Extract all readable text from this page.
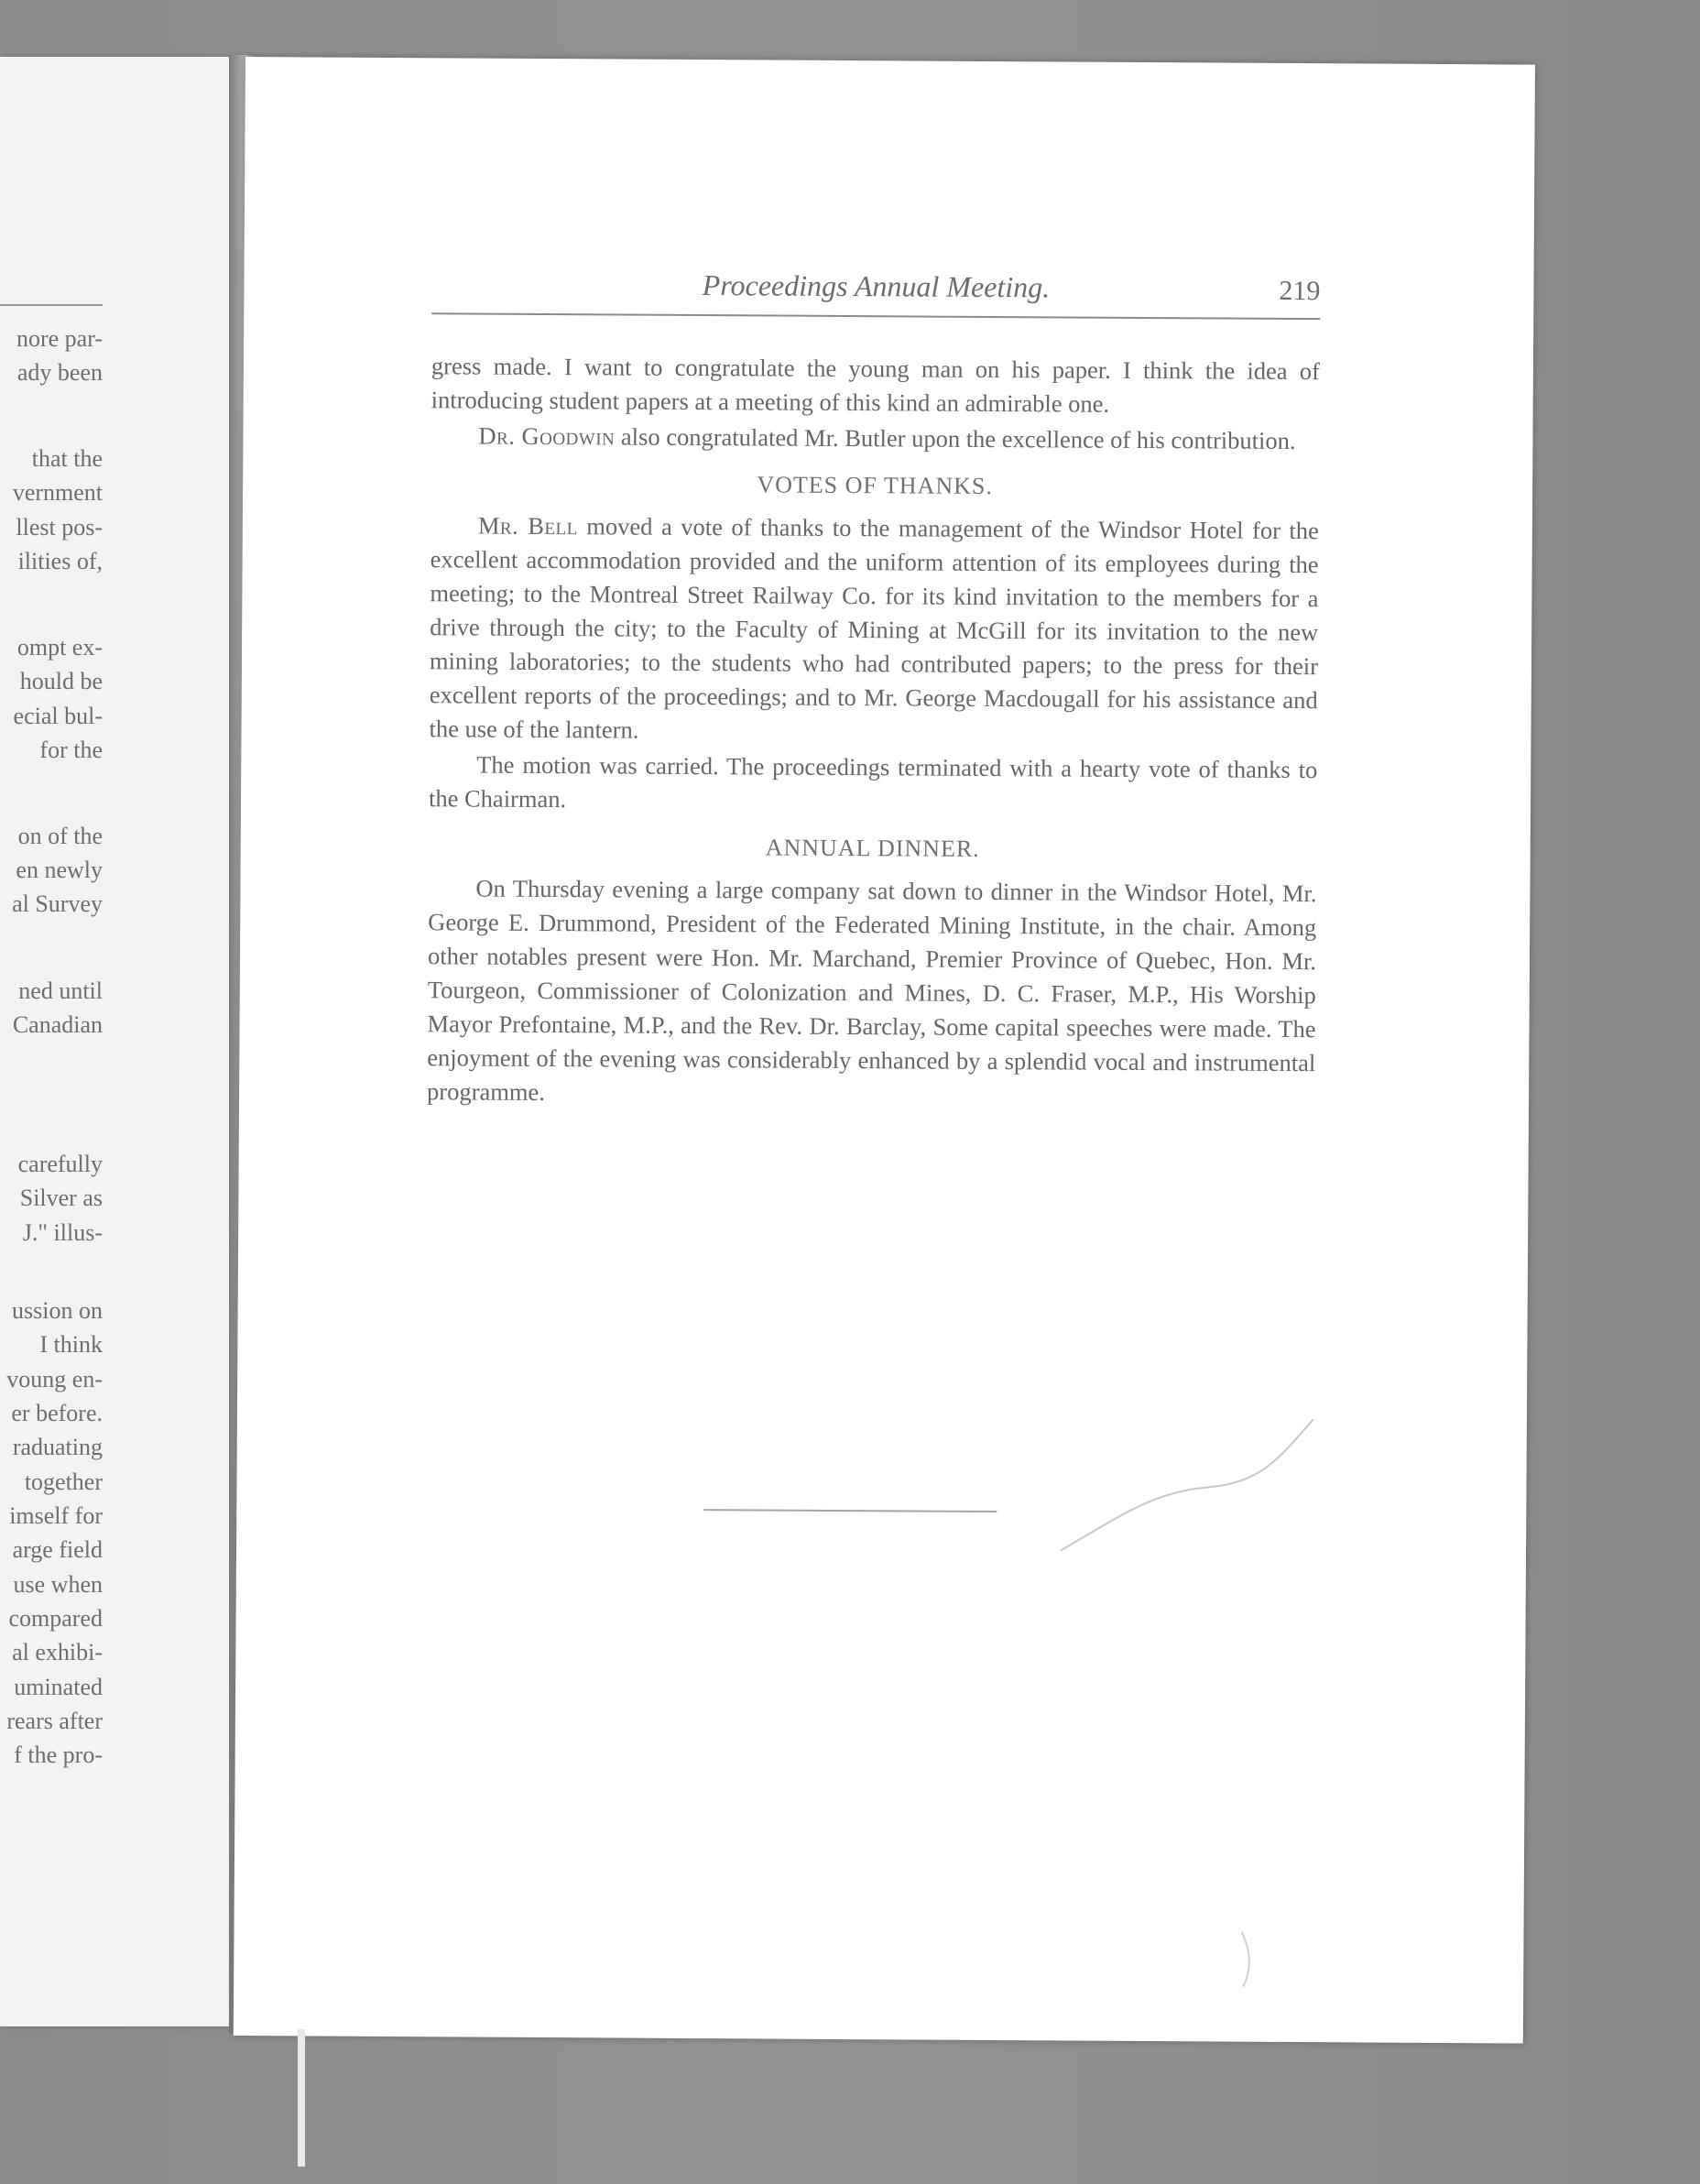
nore par-
ady been
that the
vernment
llest pos-
ilities of,
ompt ex-
hould be
ecial bul-
for the
on of the
en newly
al Survey
ned until
Canadian
carefully
Silver as
J." illus-
ussion on
I think
voung en-
er before.
raduating
together
imself for
arge field
use when
compared
al exhibi-
uminated
rears after
f the pro-
Proceedings Annual Meeting.	219

gress made. I want to congratulate the young man on his paper. I think the idea of introducing student papers at a meeting of this kind an admirable one.

Dr. Goodwin also congratulated Mr. Butler upon the excellence of his contribution.

VOTES OF THANKS.

Mr. Bell moved a vote of thanks to the management of the Windsor Hotel for the excellent accommodation provided and the uniform attention of its employees during the meeting; to the Montreal Street Railway Co. for its kind invitation to the members for a drive through the city; to the Faculty of Mining at McGill for its invitation to the new mining laboratories; to the students who had contributed papers; to the press for their excellent reports of the proceedings; and to Mr. George Macdougall for his assistance and the use of the lantern.

The motion was carried. The proceedings terminated with a hearty vote of thanks to the Chairman.

ANNUAL DINNER.

On Thursday evening a large company sat down to dinner in the Windsor Hotel, Mr. George E. Drummond, President of the Federated Mining Institute, in the chair. Among other notables present were Hon. Mr. Marchand, Premier Province of Quebec, Hon. Mr. Tourgeon, Commissioner of Colonization and Mines, D. C. Fraser, M.P., His Worship Mayor Prefontaine, M.P., and the Rev. Dr. Barclay, Some capital speeches were made. The enjoyment of the evening was considerably enhanced by a splendid vocal and instrumental programme.
